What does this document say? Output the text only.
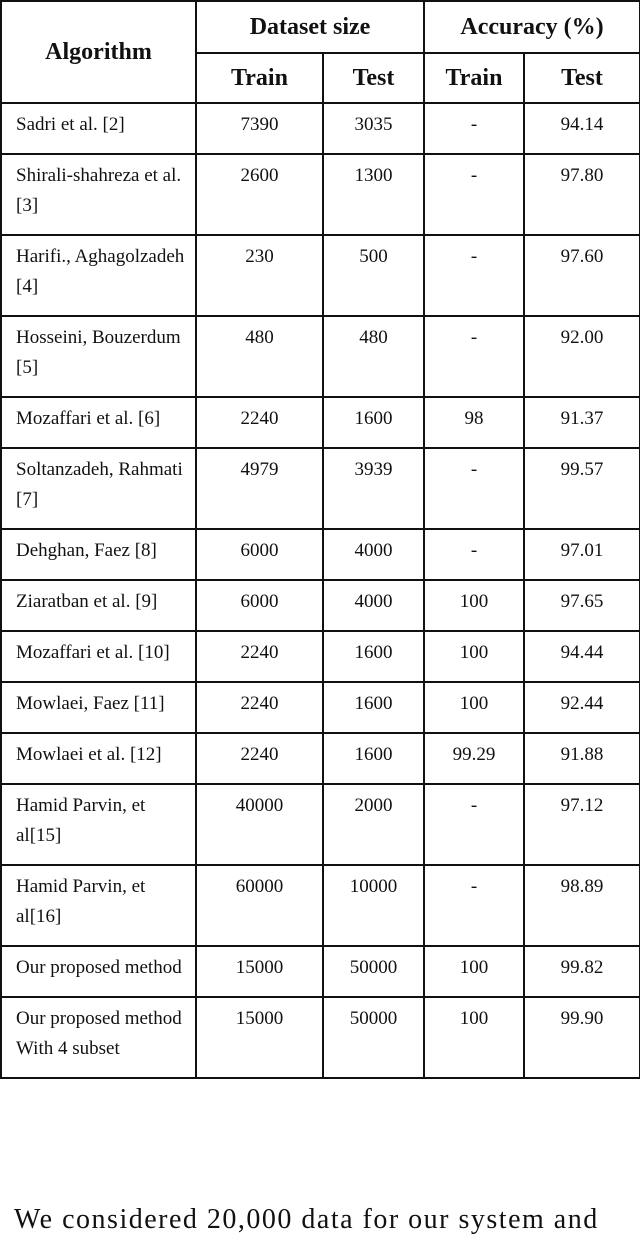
Algorithm	Dataset size		Accuracy (%)	
	Train	Test	Train	Test
Sadri et al. [2]	7390	3035	-	94.14
Shirali-shahreza et al.[3]	2600	1300	-	97.80
Harifi., Aghagolzadeh [4]	230	500	-	97.60
Hosseini, Bouzerdum [5]	480	480	-	92.00
Mozaffari et al. [6]	2240	1600	98	91.37
Soltanzadeh, Rahmati [7]	4979	3939	-	99.57
Dehghan, Faez [8]	6000	4000	-	97.01
Ziaratban et al. [9]	6000	4000	100	97.65
Mozaffari et al. [10]	2240	1600	100	94.44
Mowlaei, Faez [11]	2240	1600	100	92.44
Mowlaei et al. [12]	2240	1600	99.29	91.88
Hamid Parvin, et al[15]	40000	2000	-	97.12
Hamid Parvin, et al[16]	60000	10000	-	98.89
Our proposed method	15000	50000	100	99.82
Our proposed method With 4 subset	15000	50000	100	99.90
We considered 20,000 data for our system and
